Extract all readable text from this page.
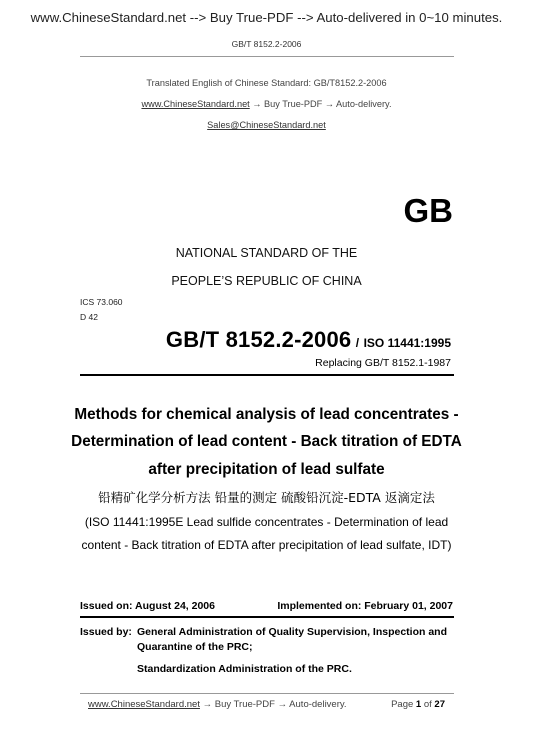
www.ChineseStandard.net --> Buy True-PDF --> Auto-delivered in 0~10 minutes.
GB/T 8152.2-2006
Translated English of Chinese Standard: GB/T8152.2-2006
www.ChineseStandard.net → Buy True-PDF → Auto-delivery.
Sales@ChineseStandard.net
GB
NATIONAL STANDARD OF THE
PEOPLE’S REPUBLIC OF CHINA
ICS 73.060
D 42
GB/T 8152.2-2006 / ISO 11441:1995
Replacing GB/T 8152.1-1987
Methods for chemical analysis of lead concentrates -
Determination of lead content - Back titration of EDTA
after precipitation of lead sulfate
铅精矿化学分析方法 铅量的测定 硫酸铅沉淀-EDTA 返滴定法
(ISO 11441:1995E Lead sulfide concentrates - Determination of lead
content - Back titration of EDTA after precipitation of lead sulfate, IDT)
Issued on: August 24, 2006	Implemented on: February 01, 2007
Issued by: General Administration of Quality Supervision, Inspection and
Quarantine of the PRC;
Standardization Administration of the PRC.
www.ChineseStandard.net → Buy True-PDF → Auto-delivery.	Page 1 of 27
